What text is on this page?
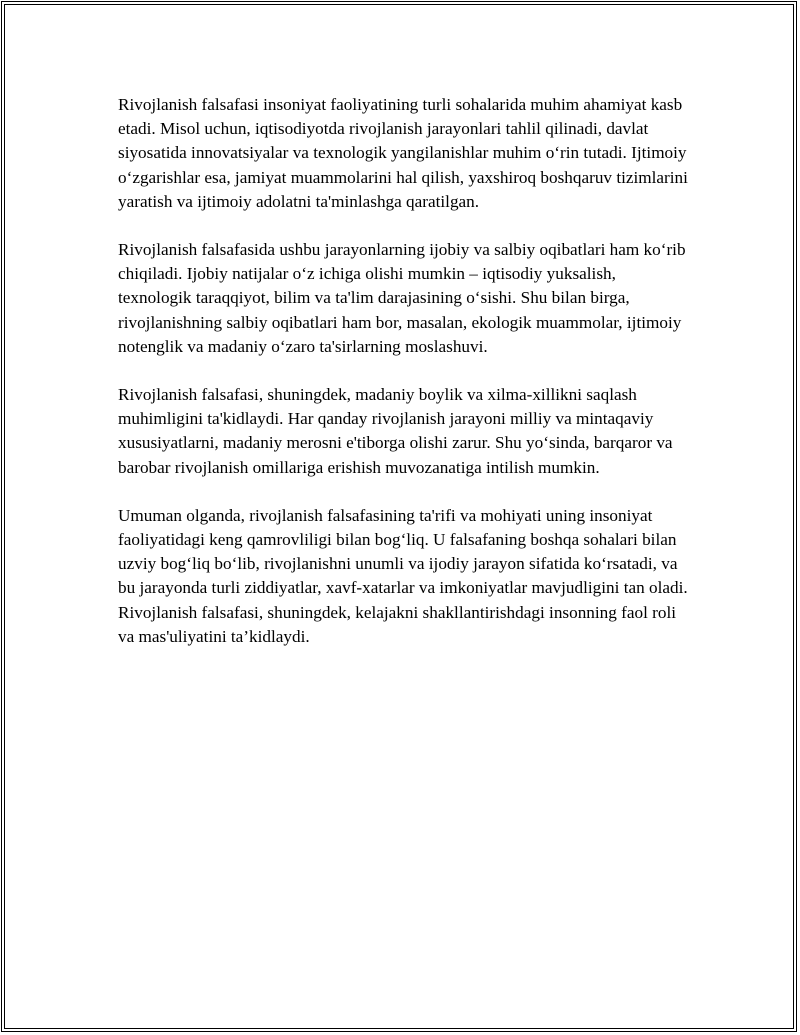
Rivojlanish falsafasi insoniyat faoliyatining turli sohalarida muhim ahamiyat kasb etadi. Misol uchun, iqtisodiyotda rivojlanish jarayonlari tahlil qilinadi, davlat siyosatida innovatsiyalar va texnologik yangilanishlar muhim o‘rin tutadi. Ijtimoiy o‘zgarishlar esa, jamiyat muammolarini hal qilish, yaxshiroq boshqaruv tizimlarini yaratish va ijtimoiy adolatni ta'minlashga qaratilgan.

Rivojlanish falsafasida ushbu jarayonlarning ijobiy va salbiy oqibatlari ham ko‘rib chiqiladi. Ijobiy natijalar o‘z ichiga olishi mumkin – iqtisodiy yuksalish, texnologik taraqqiyot, bilim va ta'lim darajasining o‘sishi. Shu bilan birga, rivojlanishning salbiy oqibatlari ham bor, masalan, ekologik muammolar, ijtimoiy notenglik va madaniy o‘zaro ta'sirlarning moslashuvi.

Rivojlanish falsafasi, shuningdek, madaniy boylik va xilma-xillikni saqlash muhimligini ta'kidlaydi. Har qanday rivojlanish jarayoni milliy va mintaqaviy xususiyatlarni, madaniy merosni e'tiborga olishi zarur. Shu yo‘sinda, barqaror va barobar rivojlanish omillariga erishish muvozanatiga intilish mumkin.

Umuman olganda, rivojlanish falsafasining ta'rifi va mohiyati uning insoniyat faoliyatidagi keng qamrovliligi bilan bog‘liq. U falsafaning boshqa sohalari bilan uzviy bog‘liq bo‘lib, rivojlanishni unumli va ijodiy jarayon sifatida ko‘rsatadi, va bu jarayonda turli ziddiyatlar, xavf-xatarlar va imkoniyatlar mavjudligini tan oladi. Rivojlanish falsafasi, shuningdek, kelajakni shakllantirishdagi insonning faol roli va mas'uliyatini ta’kidlaydi.
